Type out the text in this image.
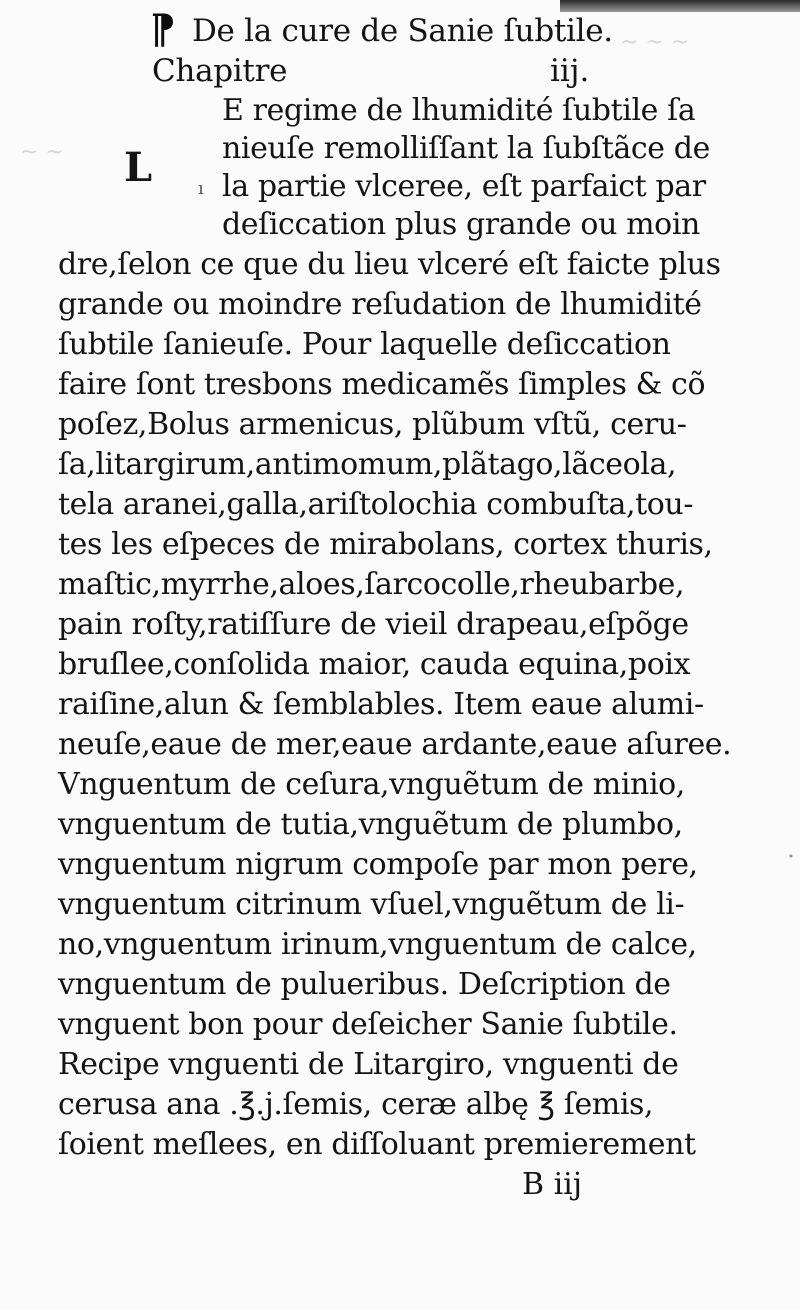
~ ~ ~
~ ~
⁋ De la cure de Sanie ſubtile.
Chapitre	iij.
L	ı
E regime de lhumidité ſubtile ſa
nieuſe remolliſſant la ſubſtãce de
la partie vlceree, eſt parfaict par
deſiccation plus grande ou moin
dre,ſelon ce que du lieu vlceré eſt faicte plus
grande ou moindre reſudation de lhumidité
ſubtile ſanieuſe. Pour laquelle deſiccation
faire ſont tresbons medicamẽs ſimples & cõ
poſez,Bolus armenicus, plũbum vſtũ, ceru-
ſa,litargirum,antimomum,plãtago,lãceola,
tela aranei,galla,ariſtolochia combuſta,tou-
tes les eſpeces de mirabolans, cortex thuris,
maſtic,myrrhe,aloes,ſarcocolle,rheubarbe,
pain roſty,ratiſſure de vieil drapeau,eſpõge
bruſlee,conſolida maior, cauda equina,poix
raiſine,alun & ſemblables. Item eaue alumi-
neuſe,eaue de mer,eaue ardante,eaue aſuree.
Vnguentum de ceſura,vnguẽtum de minio,
vnguentum de tutia,vnguẽtum de plumbo,
vnguentum nigrum compoſe par mon pere,
vnguentum citrinum vſuel,vnguẽtum de li-
no,vnguentum irinum,vnguentum de calce,
vnguentum de pulueribus. Deſcription de
vnguent bon pour deſeicher Sanie ſubtile.
Recipe vnguenti de Litargiro, vnguenti de
cerusa ana .℥.j.ſemis, ceræ albę ℥ ſemis,
ſoient meſlees, en diſſoluant premierement
B iij
•
